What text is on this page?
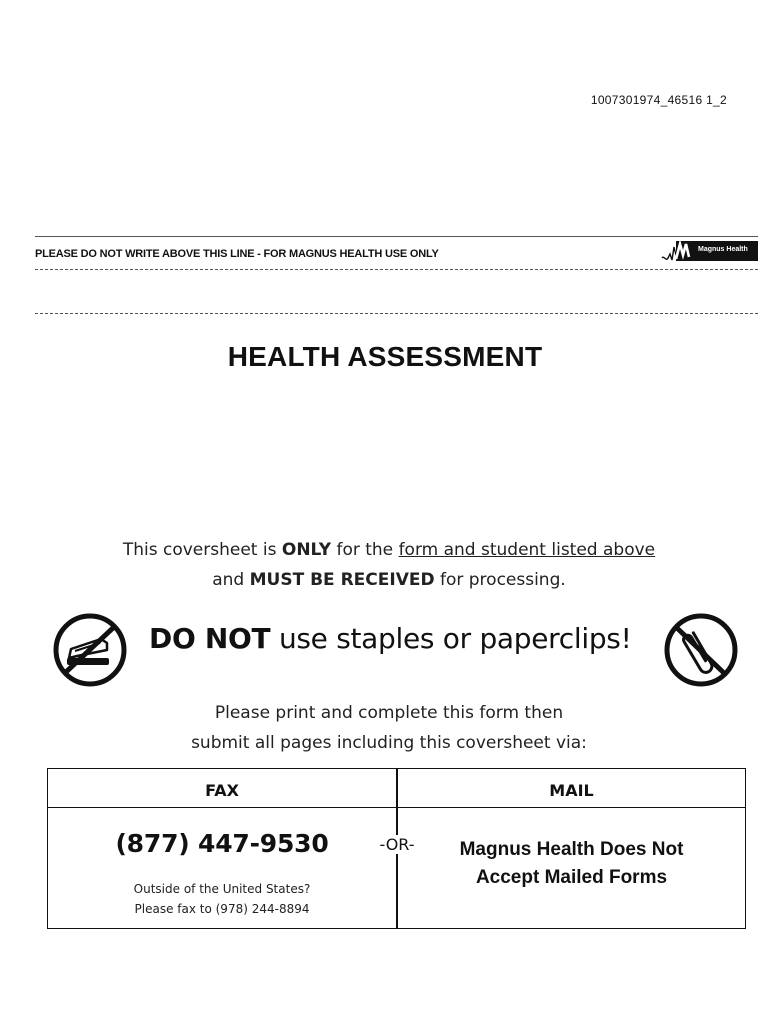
1007301974_46516 1_2
PLEASE DO NOT WRITE ABOVE THIS LINE - FOR MAGNUS HEALTH USE ONLY	Magnus Health
HEALTH ASSESSMENT
This coversheet is ONLY for the form and student listed above
and MUST BE RECEIVED for processing.
DO NOT use staples or paperclips!
Please print and complete this form then
submit all pages including this coversheet via:
FAX	MAIL
(877) 447-9530
Outside of the United States?
Please fax to (978) 244-8894
-OR-	Magnus Health Does Not
Accept Mailed Forms
